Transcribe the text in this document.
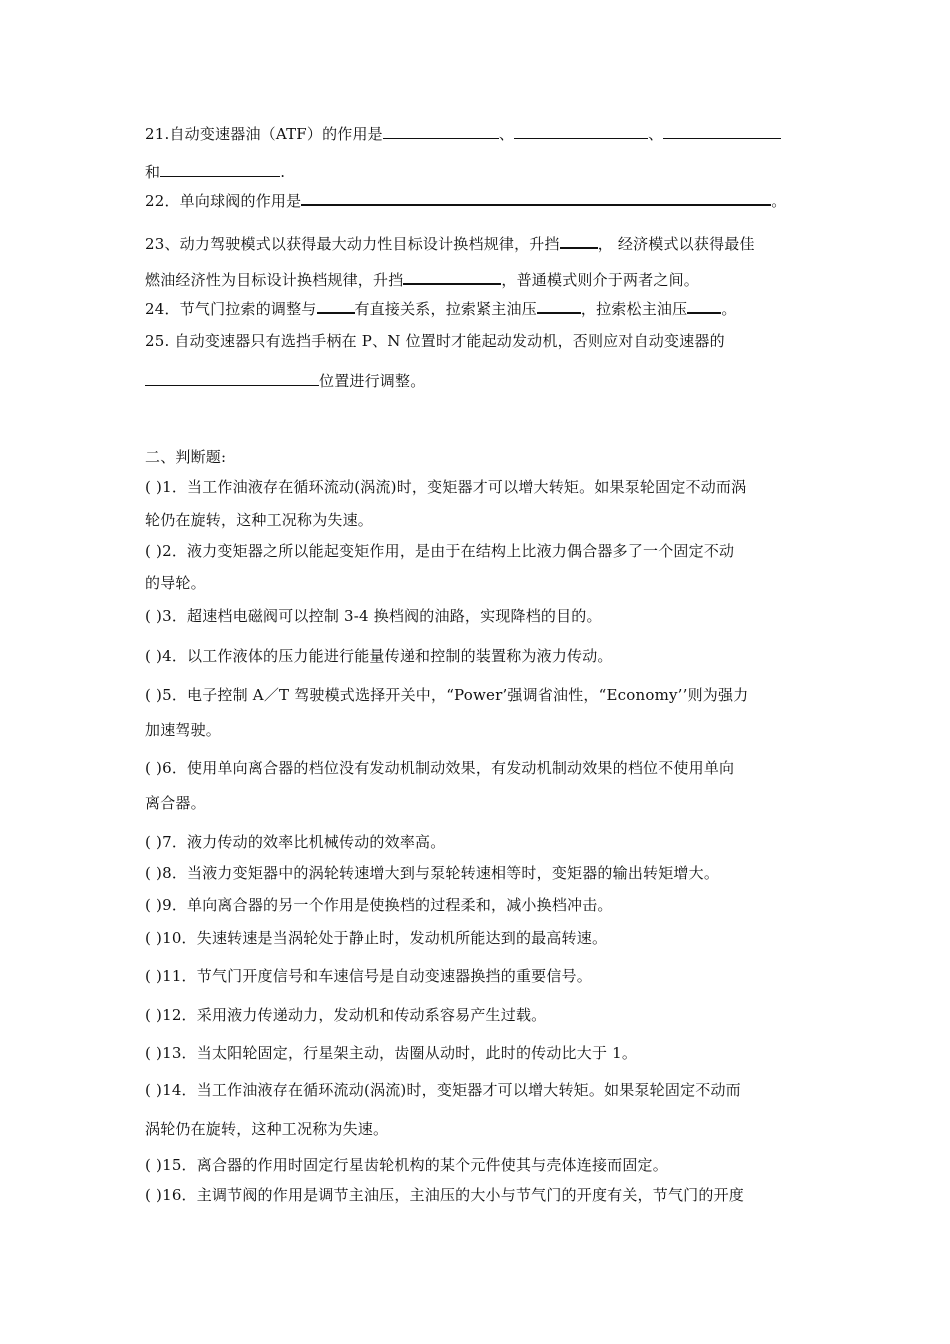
21.自动变速器油（ATF）的作用是	、	、
和	.
22．单向球阀的作用是	。
23、动力驾驶模式以获得最大动力性目标设计换档规律，升挡	， 经济模式以获得最佳
燃油经济性为目标设计换档规律，升挡	，普通模式则介于两者之间。
24．节气门拉索的调整与	有直接关系，拉索紧主油压	，拉索松主油压 。
25. 自动变速器只有选挡手柄在 P、N 位置时才能起动发动机，否则应对自动变速器的
位置进行调整。
二、判断题:
( )1．当工作油液存在循环流动(涡流)时，变矩器才可以增大转矩。如果泵轮固定不动而涡
轮仍在旋转，这种工况称为失速。
( )2．液力变矩器之所以能起变矩作用，是由于在结构上比液力偶合器多了一个固定不动
的导轮。
( )3．超速档电磁阀可以控制 3-4 换档阀的油路，实现降档的目的。
( )4．以工作液体的压力能进行能量传递和控制的装置称为液力传动。
( )5．电子控制 A／T 驾驶模式选择开关中，“Power’强调省油性，“Economy’’则为强力
加速驾驶。
( )6．使用单向离合器的档位没有发动机制动效果，有发动机制动效果的档位不使用单向
离合器。
( )7．液力传动的效率比机械传动的效率高。
( )8．当液力变矩器中的涡轮转速增大到与泵轮转速相等时，变矩器的输出转矩增大。
( )9．单向离合器的另一个作用是使换档的过程柔和，减小换档冲击。
( )10．失速转速是当涡轮处于静止时，发动机所能达到的最高转速。
( )11．节气门开度信号和车速信号是自动变速器换挡的重要信号。
( )12．采用液力传递动力，发动机和传动系容易产生过载。
( )13．当太阳轮固定，行星架主动，齿圈从动时，此时的传动比大于 1。
( )14．当工作油液存在循环流动(涡流)时，变矩器才可以增大转矩。如果泵轮固定不动而
涡轮仍在旋转，这种工况称为失速。
( )15．离合器的作用时固定行星齿轮机构的某个元件使其与壳体连接而固定。
( )16．主调节阀的作用是调节主油压，主油压的大小与节气门的开度有关，节气门的开度
